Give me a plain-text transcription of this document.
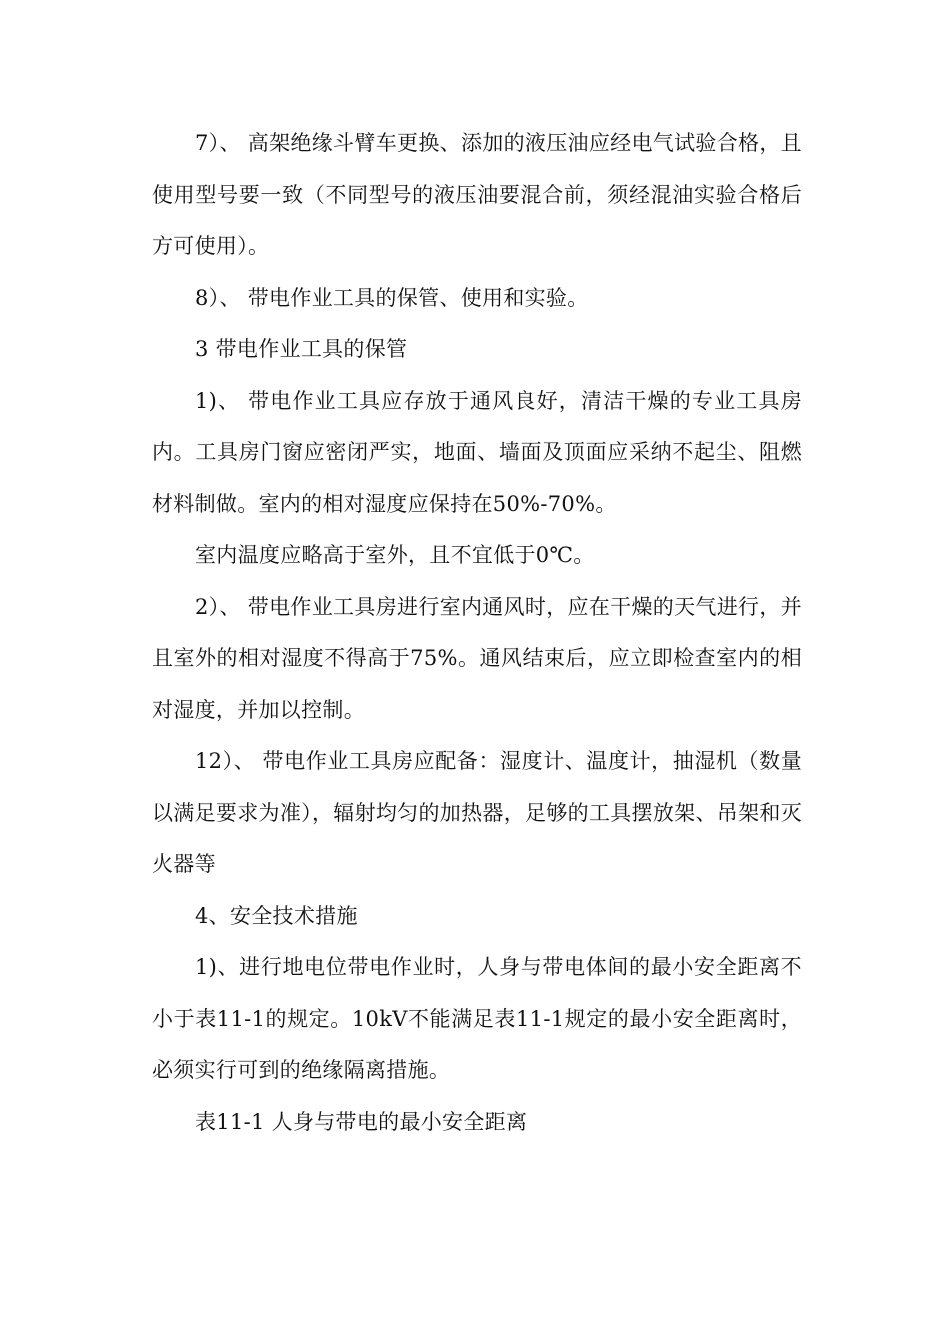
7）、 高架绝缘斗臂车更换、添加的液压油应经电气试验合格，且使用型号要一致（不同型号的液压油要混合前，须经混油实验合格后方可使用）。

8）、 带电作业工具的保管、使用和实验。

3 带电作业工具的保管

1)、 带电作业工具应存放于通风良好，清洁干燥的专业工具房内。工具房门窗应密闭严实，地面、墙面及顶面应采纳不起尘、阻燃材料制做。室内的相对湿度应保持在50%-70%。

室内温度应略高于室外，且不宜低于0℃。

2）、 带电作业工具房进行室内通风时，应在干燥的天气进行，并且室外的相对湿度不得高于75%。通风结束后，应立即检查室内的相对湿度，并加以控制。

12）、 带电作业工具房应配备：湿度计、温度计，抽湿机（数量以满足要求为准），辐射均匀的加热器，足够的工具摆放架、吊架和灭火器等

4、安全技术措施

1)、进行地电位带电作业时，人身与带电体间的最小安全距离不小于表11-1的规定。10kV不能满足表11-1规定的最小安全距离时，必须实行可到的绝缘隔离措施。

表11-1 人身与带电的最小安全距离
